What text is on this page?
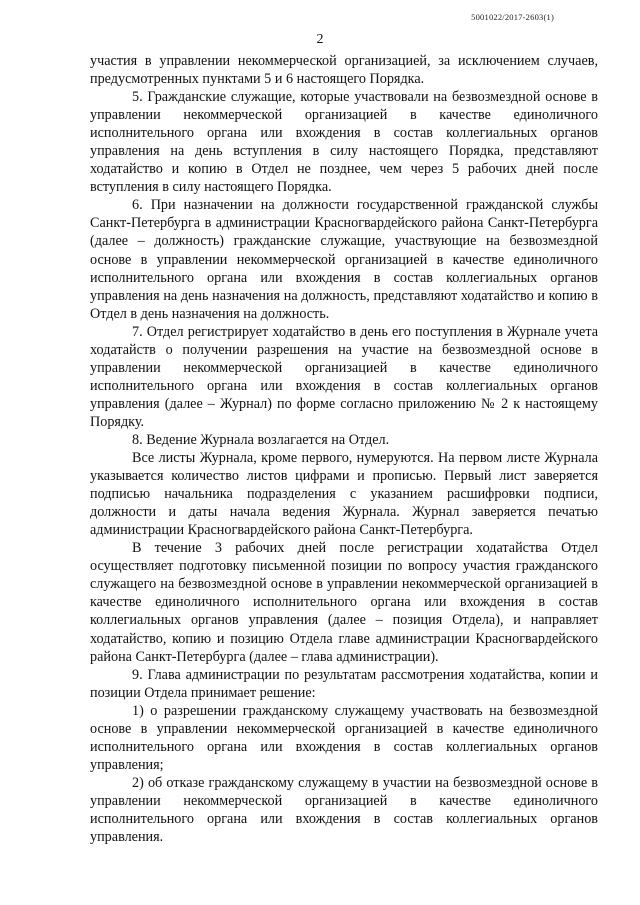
5001022/2017-2603(1)
2

участия в управлении некоммерческой организацией, за исключением случаев, предусмотренных пунктами 5 и 6 настоящего Порядка.

5. Гражданские служащие, которые участвовали на безвозмездной основе в управлении некоммерческой организацией в качестве единоличного исполнительного органа или вхождения в состав коллегиальных органов управления на день вступления в силу настоящего Порядка, представляют ходатайство и копию в Отдел не позднее, чем через 5 рабочих дней после вступления в силу настоящего Порядка.

6. При назначении на должности государственной гражданской службы Санкт-Петербурга в администрации Красногвардейского района Санкт-Петербурга (далее – должность) гражданские служащие, участвующие на безвозмездной основе в управлении некоммерческой организацией в качестве единоличного исполнительного органа или вхождения в состав коллегиальных органов управления на день назначения на должность, представляют ходатайство и копию в Отдел в день назначения на должность.

7. Отдел регистрирует ходатайство в день его поступления в Журнале учета ходатайств о получении разрешения на участие на безвозмездной основе в управлении некоммерческой организацией в качестве единоличного исполнительного органа или вхождения в состав коллегиальных органов управления (далее – Журнал) по форме согласно приложению № 2 к настоящему Порядку.

8. Ведение Журнала возлагается на Отдел.

Все листы Журнала, кроме первого, нумеруются. На первом листе Журнала указывается количество листов цифрами и прописью. Первый лист заверяется подписью начальника подразделения с указанием расшифровки подписи, должности и даты начала ведения Журнала. Журнал заверяется печатью администрации Красногвардейского района Санкт-Петербурга.

В течение 3 рабочих дней после регистрации ходатайства Отдел осуществляет подготовку письменной позиции по вопросу участия гражданского служащего на безвозмездной основе в управлении некоммерческой организацией в качестве единоличного исполнительного органа или вхождения в состав коллегиальных органов управления (далее – позиция Отдела), и направляет ходатайство, копию и позицию Отдела главе администрации Красногвардейского района Санкт-Петербурга (далее – глава администрации).

9. Глава администрации по результатам рассмотрения ходатайства, копии и позиции Отдела принимает решение:

1) о разрешении гражданскому служащему участвовать на безвозмездной основе в управлении некоммерческой организацией в качестве единоличного исполнительного органа или вхождения в состав коллегиальных органов управления;

2) об отказе гражданскому служащему в участии на безвозмездной основе в управлении некоммерческой организацией в качестве единоличного исполнительного органа или вхождения в состав коллегиальных органов управления.
